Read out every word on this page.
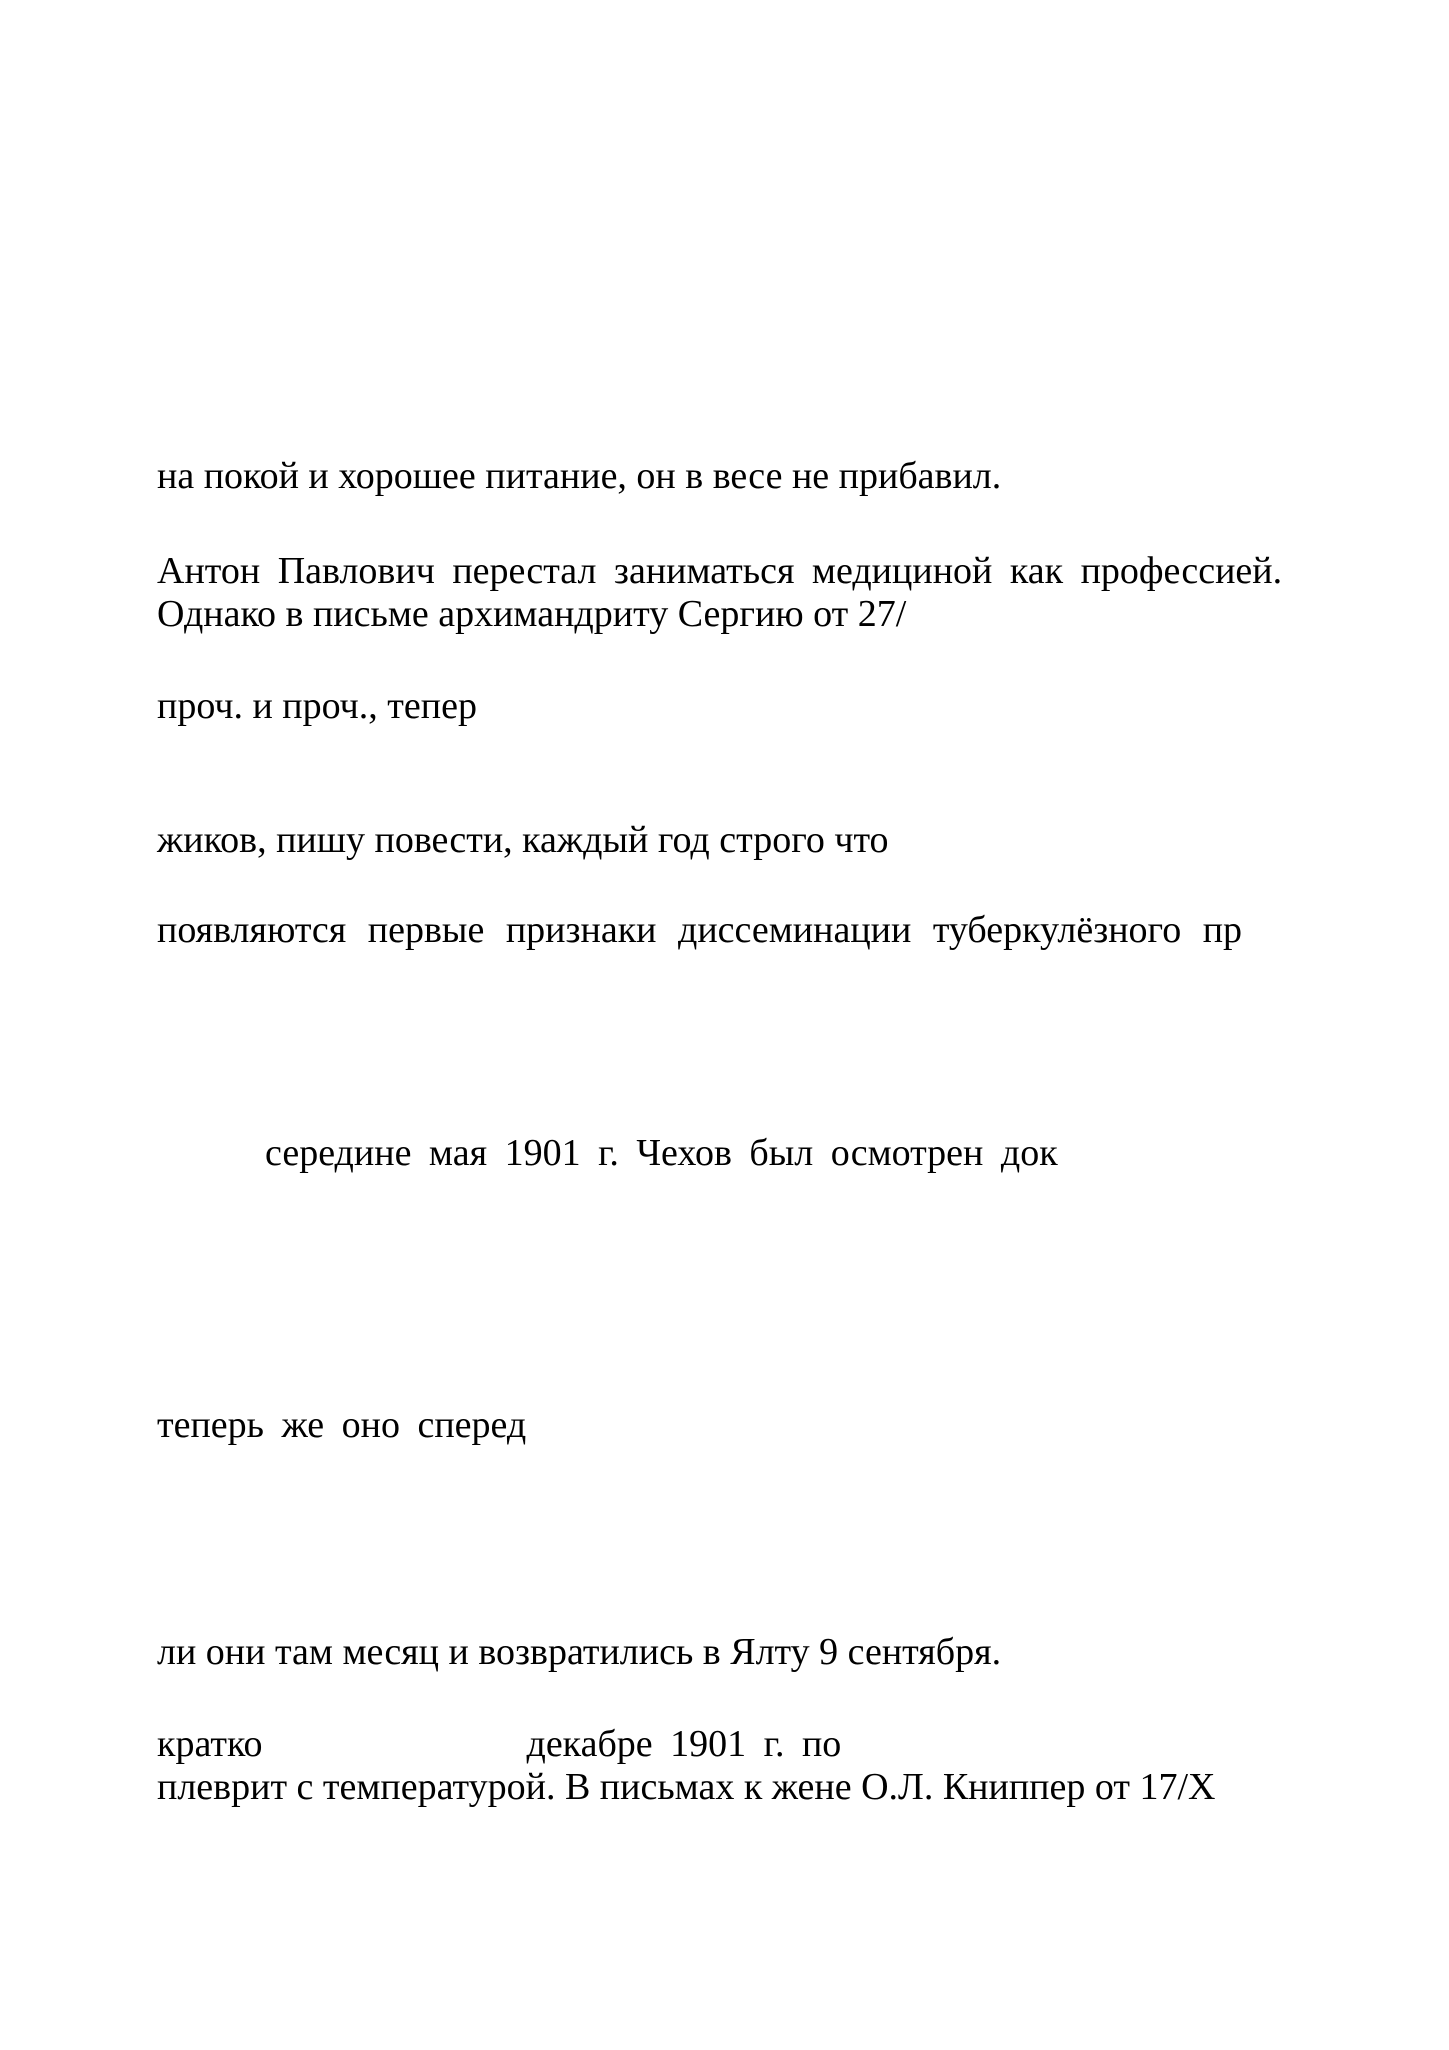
на покой и хорошее питание, он в весе не прибавил.

Антон Павлович перестал заниматься медициной как профессией.

Однако в письме архимандриту Сергию от 27/

проч. и проч., тепер

жиков, пишу повести, каждый год строго что

появляются первые признаки диссеминации туберкулёзного пр

середине мая 1901 г. Чехов был осмотрен док

теперь же оно сперед

ли они там месяц и возвратились в Ялту 9 сентября.

кратко	декабре 1901 г. по

плеврит с температурой. В письмах к жене О.Л. Книппер от 17/X
